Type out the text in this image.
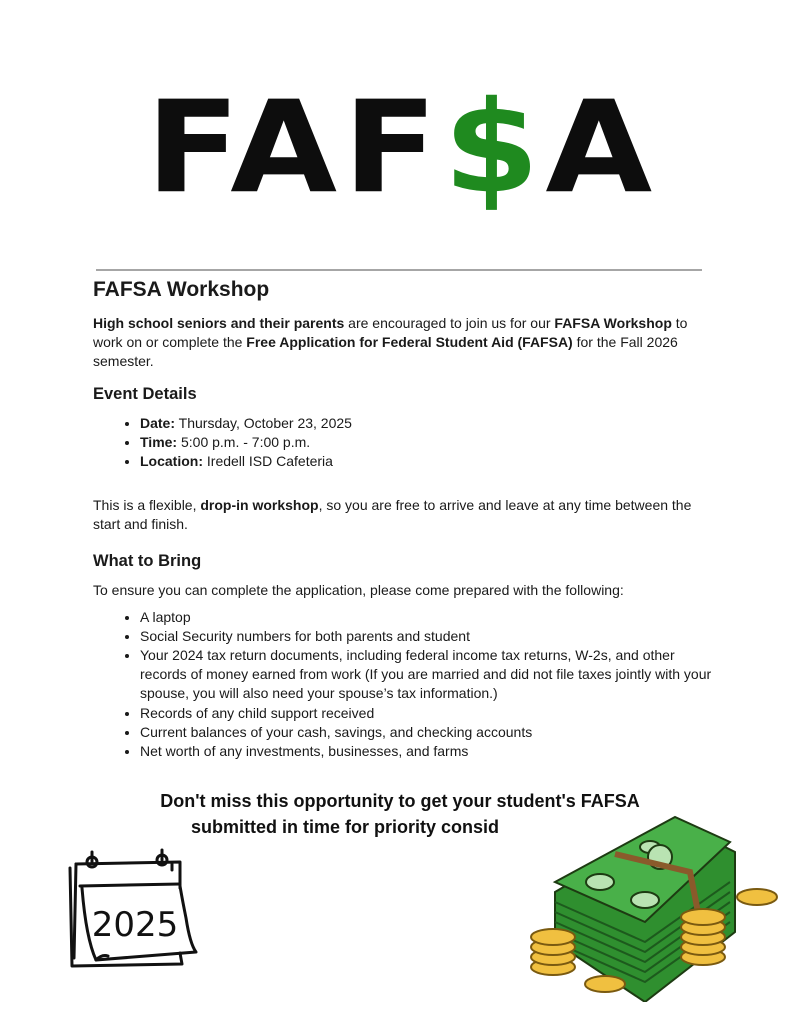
FAF$A
FAFSA Workshop

High school seniors and their parents are encouraged to join us for our FAFSA Workshop to work on or complete the Free Application for Federal Student Aid (FAFSA) for the Fall 2026 semester.

Event Details
• Date: Thursday, October 23, 2025
• Time: 5:00 p.m. - 7:00 p.m.
• Location: Iredell ISD Cafeteria

This is a flexible, drop-in workshop, so you are free to arrive and leave at any time between the start and finish.

What to Bring

To ensure you can complete the application, please come prepared with the following:

• A laptop
• Social Security numbers for both parents and student
• Your 2024 tax return documents, including federal income tax returns, W-2s, and other records of money earned from work (If you are married and did not file taxes jointly with your spouse, you will also need your spouse’s tax information.)
• Records of any child support received
• Current balances of your cash, savings, and checking accounts
• Net worth of any investments, businesses, and farms
Don't miss this opportunity to get your student's FAFSA
submitted in time for priority consid
2025
